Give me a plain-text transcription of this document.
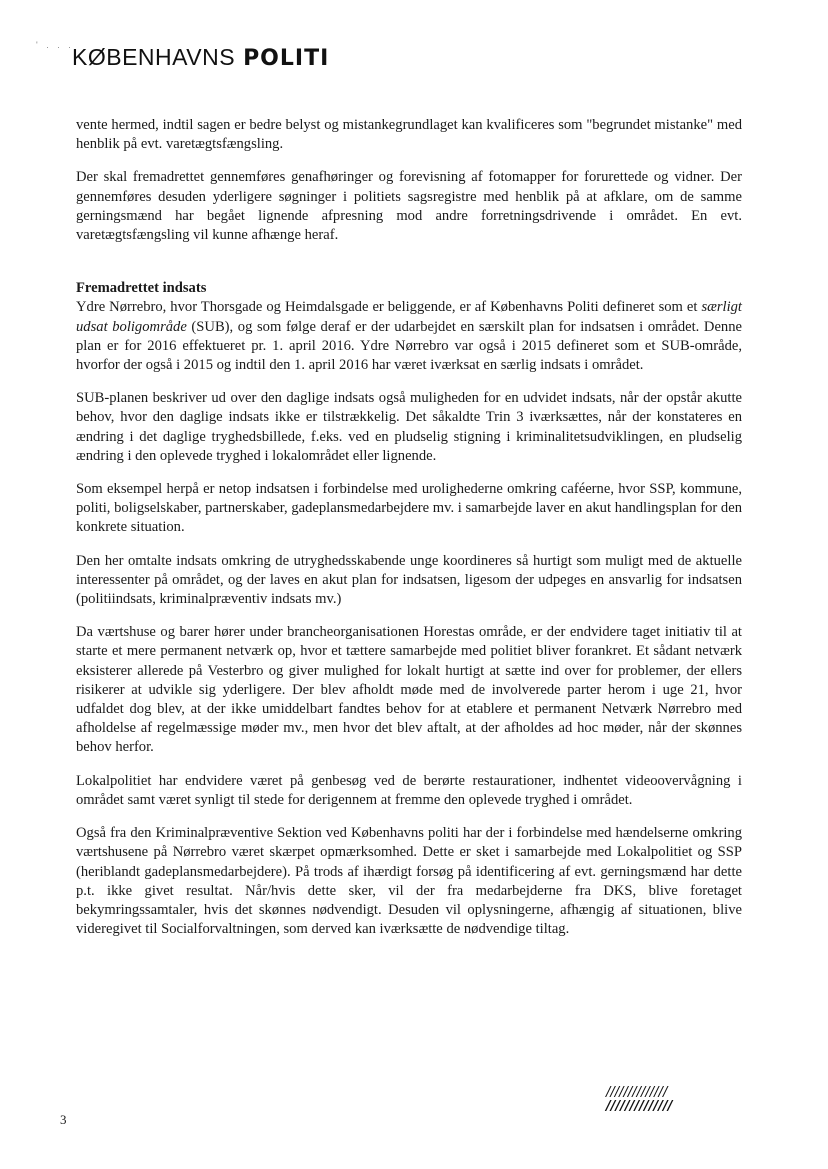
' . . .
KØBENHAVNS POLITI

vente hermed, indtil sagen er bedre belyst og mistankegrundlaget kan kvalificeres som "begrundet mistanke" med henblik på evt. varetægtsfængsling.

Der skal fremadrettet gennemføres genafhøringer og forevisning af fotomapper for forurettede og vidner. Der gennemføres desuden yderligere søgninger i politiets sagsregistre med henblik på at afklare, om de samme gerningsmænd har begået lignende afpresning mod andre forretningsdrivende i området. En evt. varetægtsfængsling vil kunne afhænge heraf.

Fremadrettet indsats

Ydre Nørrebro, hvor Thorsgade og Heimdalsgade er beliggende, er af Københavns Politi defineret som et særligt udsat boligområde (SUB), og som følge deraf er der udarbejdet en særskilt plan for indsatsen i området. Denne plan er for 2016 effektueret pr. 1. april 2016. Ydre Nørrebro var også i 2015 defineret som et SUB-område, hvorfor der også i 2015 og indtil den 1. april 2016 har været iværksat en særlig indsats i området.

SUB-planen beskriver ud over den daglige indsats også muligheden for en udvidet indsats, når der opstår akutte behov, hvor den daglige indsats ikke er tilstrækkelig. Det såkaldte Trin 3 iværksættes, når der konstateres en ændring i det daglige tryghedsbillede, f.eks. ved en pludselig stigning i kriminalitetsudviklingen, en pludselig ændring i den oplevede tryghed i lokalområdet eller lignende.

Som eksempel herpå er netop indsatsen i forbindelse med urolighederne omkring caféerne, hvor SSP, kommune, politi, boligselskaber, partnerskaber, gadeplansmedarbejdere mv. i samarbejde laver en akut handlingsplan for den konkrete situation.

Den her omtalte indsats omkring de utryghedsskabende unge koordineres så hurtigt som muligt med de aktuelle interessenter på området, og der laves en akut plan for indsatsen, ligesom der udpeges en ansvarlig for indsatsen (politiindsats, kriminalpræventiv indsats mv.)

Da værtshuse og barer hører under brancheorganisationen Horestas område, er der endvidere taget initiativ til at starte et mere permanent netværk op, hvor et tættere samarbejde med politiet bliver forankret. Et sådant netværk eksisterer allerede på Vesterbro og giver mulighed for lokalt hurtigt at sætte ind over for problemer, der ellers risikerer at udvikle sig yderligere. Der blev afholdt møde med de involverede parter herom i uge 21, hvor udfaldet dog blev, at der ikke umiddelbart fandtes behov for at etablere et permanent Netværk Nørrebro med afholdelse af regelmæssige møder mv., men hvor det blev aftalt, at der afholdes ad hoc møder, når der skønnes behov herfor.

Lokalpolitiet har endvidere været på genbesøg ved de berørte restaurationer, indhentet videoovervågning i området samt været synligt til stede for derigennem at fremme den oplevede tryghed i området.

Også fra den Kriminalpræventive Sektion ved Københavns politi har der i forbindelse med hændelserne omkring værtshusene på Nørrebro været skærpet opmærksomhed. Dette er sket i samarbejde med Lokalpolitiet og SSP (heriblandt gadeplansmedarbejdere). På trods af ihærdigt forsøg på identificering af evt. gerningsmænd har dette p.t. ikke givet resultat. Når/hvis dette sker, vil der fra medarbejderne fra DKS, blive foretaget bekymringssamtaler, hvis det skønnes nødvendigt. Desuden vil oplysningerne, afhængig af situationen, blive videregivet til Socialforvaltningen, som derved kan iværksætte de nødvendige tiltag.

3
//////////////
//////////////
